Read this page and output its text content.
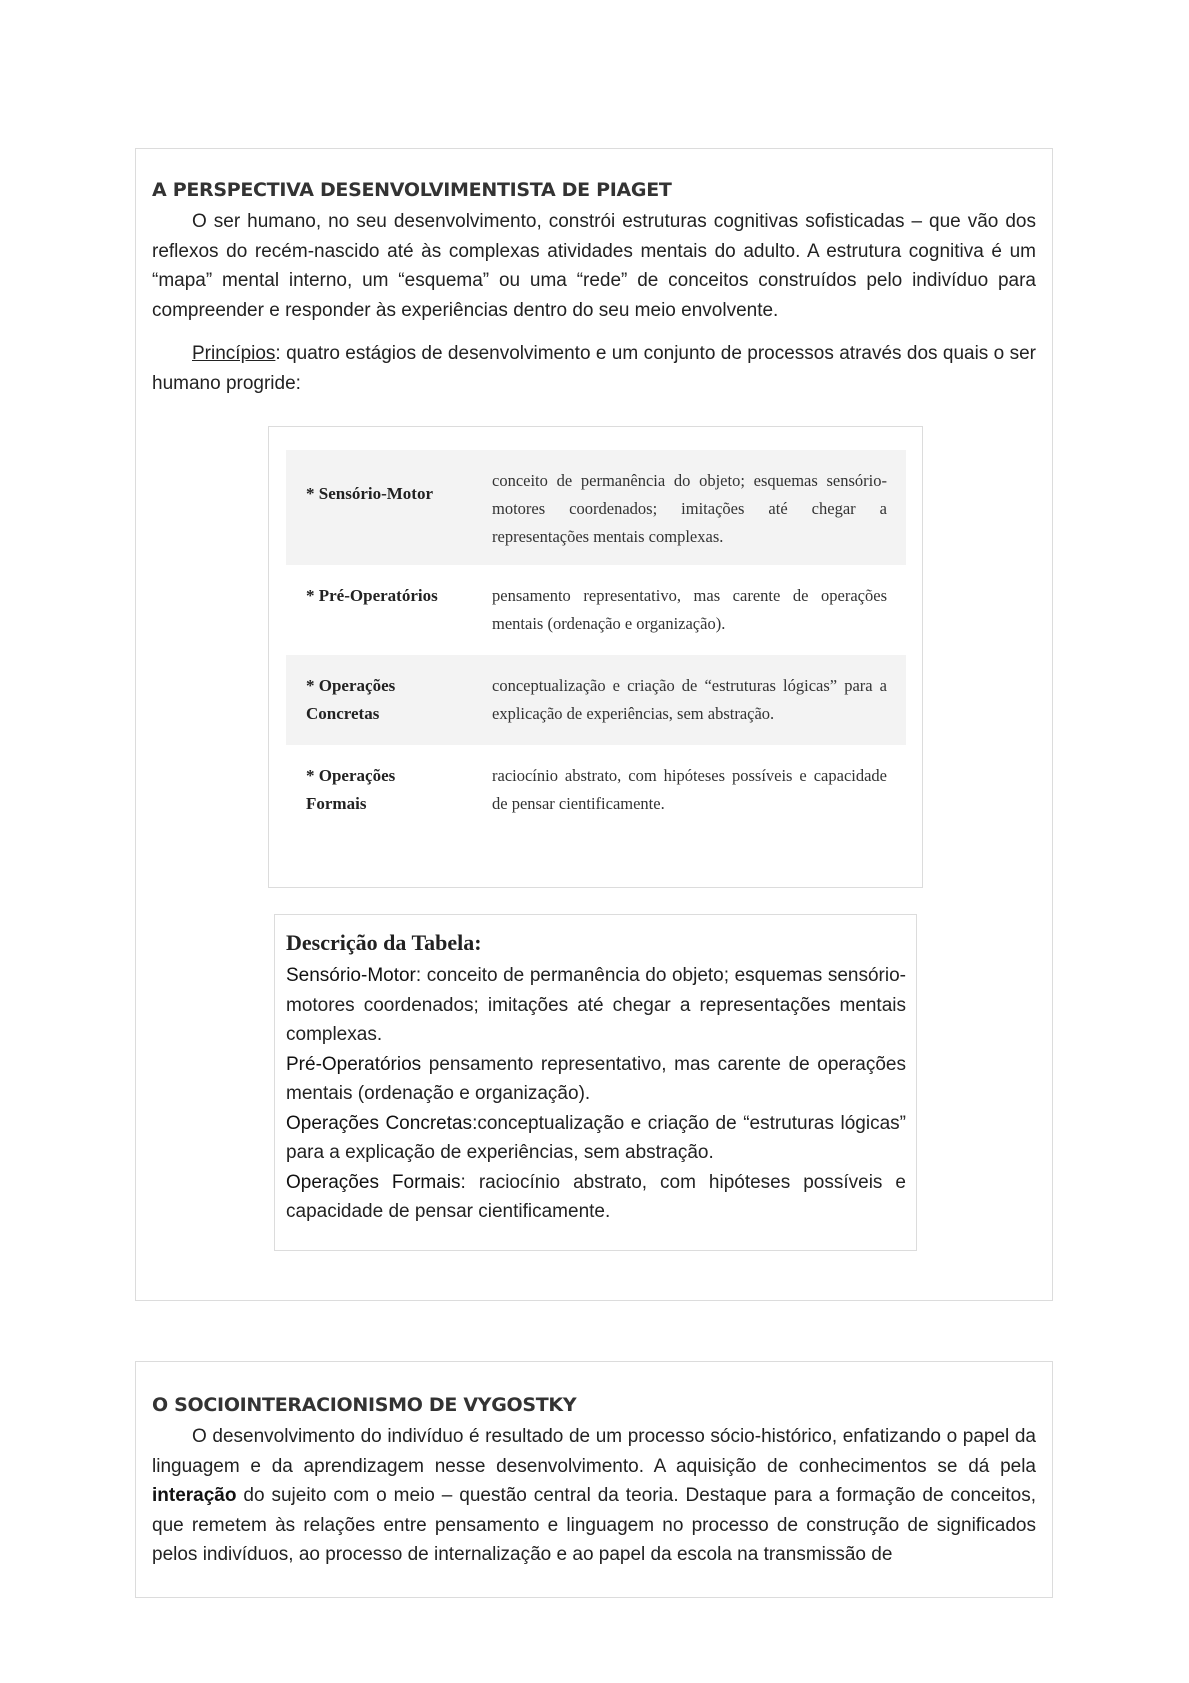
A PERSPECTIVA DESENVOLVIMENTISTA DE PIAGET

O ser humano, no seu desenvolvimento, constrói estruturas cognitivas sofisticadas – que vão dos reflexos do recém-nascido até às complexas atividades mentais do adulto. A estrutura cognitiva é um “mapa” mental interno, um “esquema” ou uma “rede” de conceitos construídos pelo indivíduo para compreender e responder às experiências dentro do seu meio envolvente.

Princípios: quatro estágios de desenvolvimento e um conjunto de processos através dos quais o ser humano progride:

* Sensório-Motor
conceito de permanência do objeto; esquemas sensório-motores coordenados; imitações até chegar a representações mentais complexas.
* Pré-Operatórios	pensamento representativo, mas carente de operações mentais (ordenação e organização).
* Operações Concretas
conceptualização e criação de “estruturas lógicas” para a explicação de experiências, sem abstração.
* Operações Formais
raciocínio abstrato, com hipóteses possíveis e capacidade de pensar cientificamente.
Descrição da Tabela:

Sensório-Motor: conceito de permanência do objeto; esquemas sensório-motores coordenados; imitações até chegar a representações mentais complexas.

Pré-Operatórios pensamento representativo, mas carente de operações mentais (ordenação e organização).

Operações Concretas:conceptualização e criação de “estruturas lógicas” para a explicação de experiências, sem abstração.

Operações Formais: raciocínio abstrato, com hipóteses possíveis e capacidade de pensar cientificamente.

O SOCIOINTERACIONISMO DE VYGOSTKY

O desenvolvimento do indivíduo é resultado de um processo sócio-histórico, enfatizando o papel da linguagem e da aprendizagem nesse desenvolvimento. A aquisição de conhecimentos se dá pela interação do sujeito com o meio – questão central da teoria. Destaque para a formação de conceitos, que remetem às relações entre pensamento e linguagem no processo de construção de significados pelos indivíduos, ao processo de internalização e ao papel da escola na transmissão de
